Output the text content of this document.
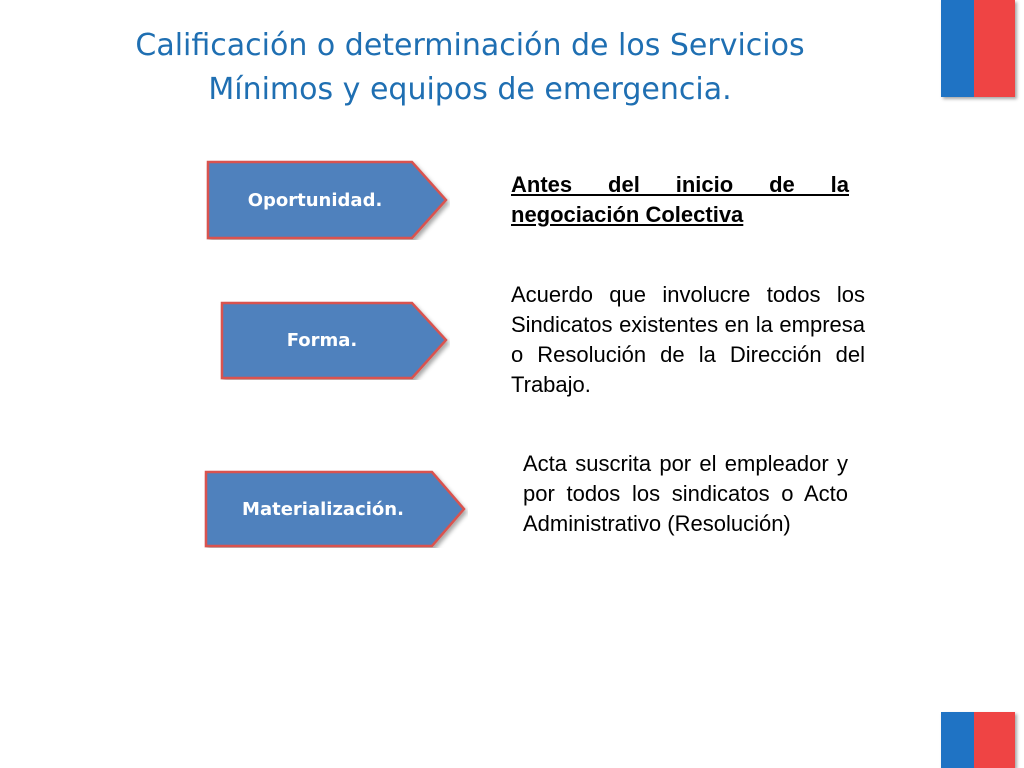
Calificación o determinación de los Servicios
Mínimos y equipos de emergencia.
Oportunidad.
Antes del inicio de la negociación Colectiva
Forma.
Acuerdo que involucre todos los Sindicatos existentes en la empresa o Resolución de la Dirección del Trabajo.
Materialización.
Acta suscrita por el empleador y por todos los sindicatos o Acto Administrativo (Resolución)
